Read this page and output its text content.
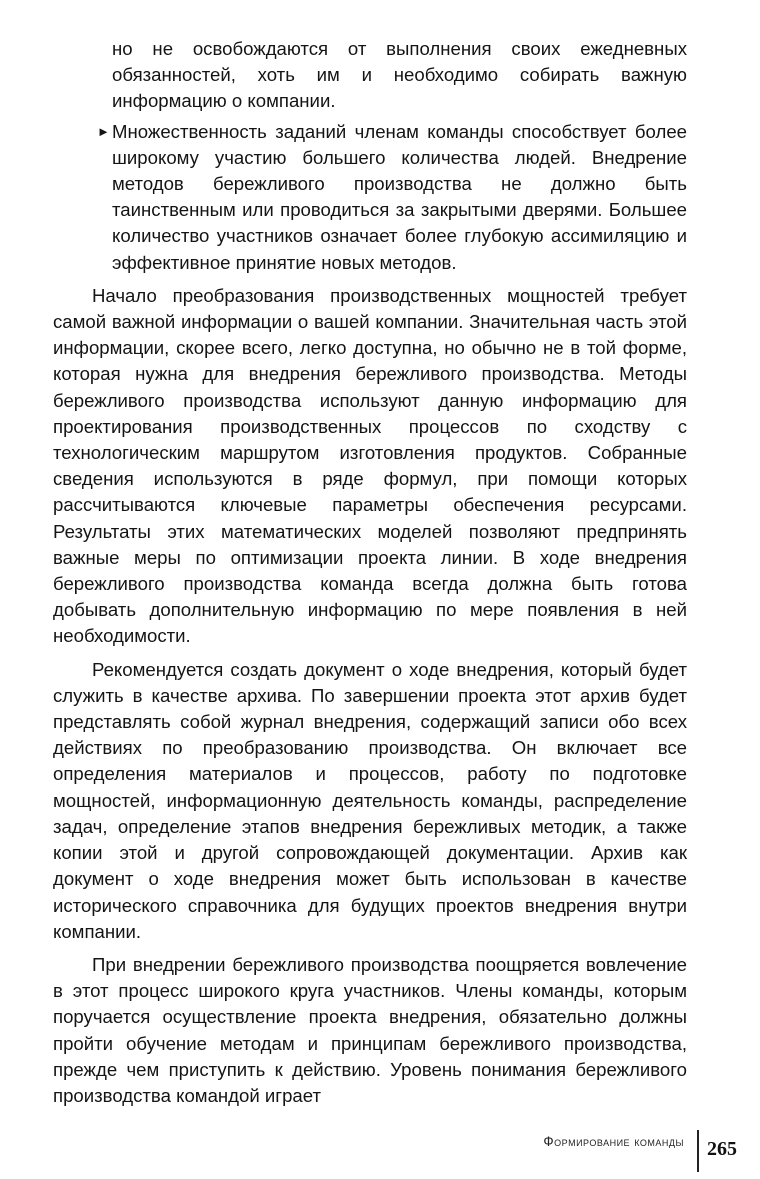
но не освобождаются от выполнения своих ежедневных обязанностей, хоть им и необходимо собирать важную информацию о компании.

► Множественность заданий членам команды способствует более широкому участию большего количества людей. Внедрение методов бережливого производства не должно быть таинственным или проводиться за закрытыми дверями. Большее количество участников означает более глубокую ассимиляцию и эффективное принятие новых методов.

Начало преобразования производственных мощностей требует самой важной информации о вашей компании. Значительная часть этой информации, скорее всего, легко доступна, но обычно не в той форме, которая нужна для внедрения бережливого производства. Методы бережливого производства используют данную информацию для проектирования производственных процессов по сходству с технологическим маршрутом изготовления продуктов. Собранные сведения используются в ряде формул, при помощи которых рассчитываются ключевые параметры обеспечения ресурсами. Результаты этих математических моделей позволяют предпринять важные меры по оптимизации проекта линии. В ходе внедрения бережливого производства команда всегда должна быть готова добывать дополнительную информацию по мере появления в ней необходимости.

Рекомендуется создать документ о ходе внедрения, который будет служить в качестве архива. По завершении проекта этот архив будет представлять собой журнал внедрения, содержащий записи обо всех действиях по преобразованию производства. Он включает все определения материалов и процессов, работу по подготовке мощностей, информационную деятельность команды, распределение задач, определение этапов внедрения бережливых методик, а также копии этой и другой сопровождающей документации. Архив как документ о ходе внедрения может быть использован в качестве исторического справочника для будущих проектов внедрения внутри компании.

При внедрении бережливого производства поощряется вовлечение в этот процесс широкого круга участников. Члены команды, которым поручается осуществление проекта внедрения, обязательно должны пройти обучение методам и принципам бережливого производства, прежде чем приступить к действию. Уровень понимания бережливого производства командой играет

Формирование команды 265
